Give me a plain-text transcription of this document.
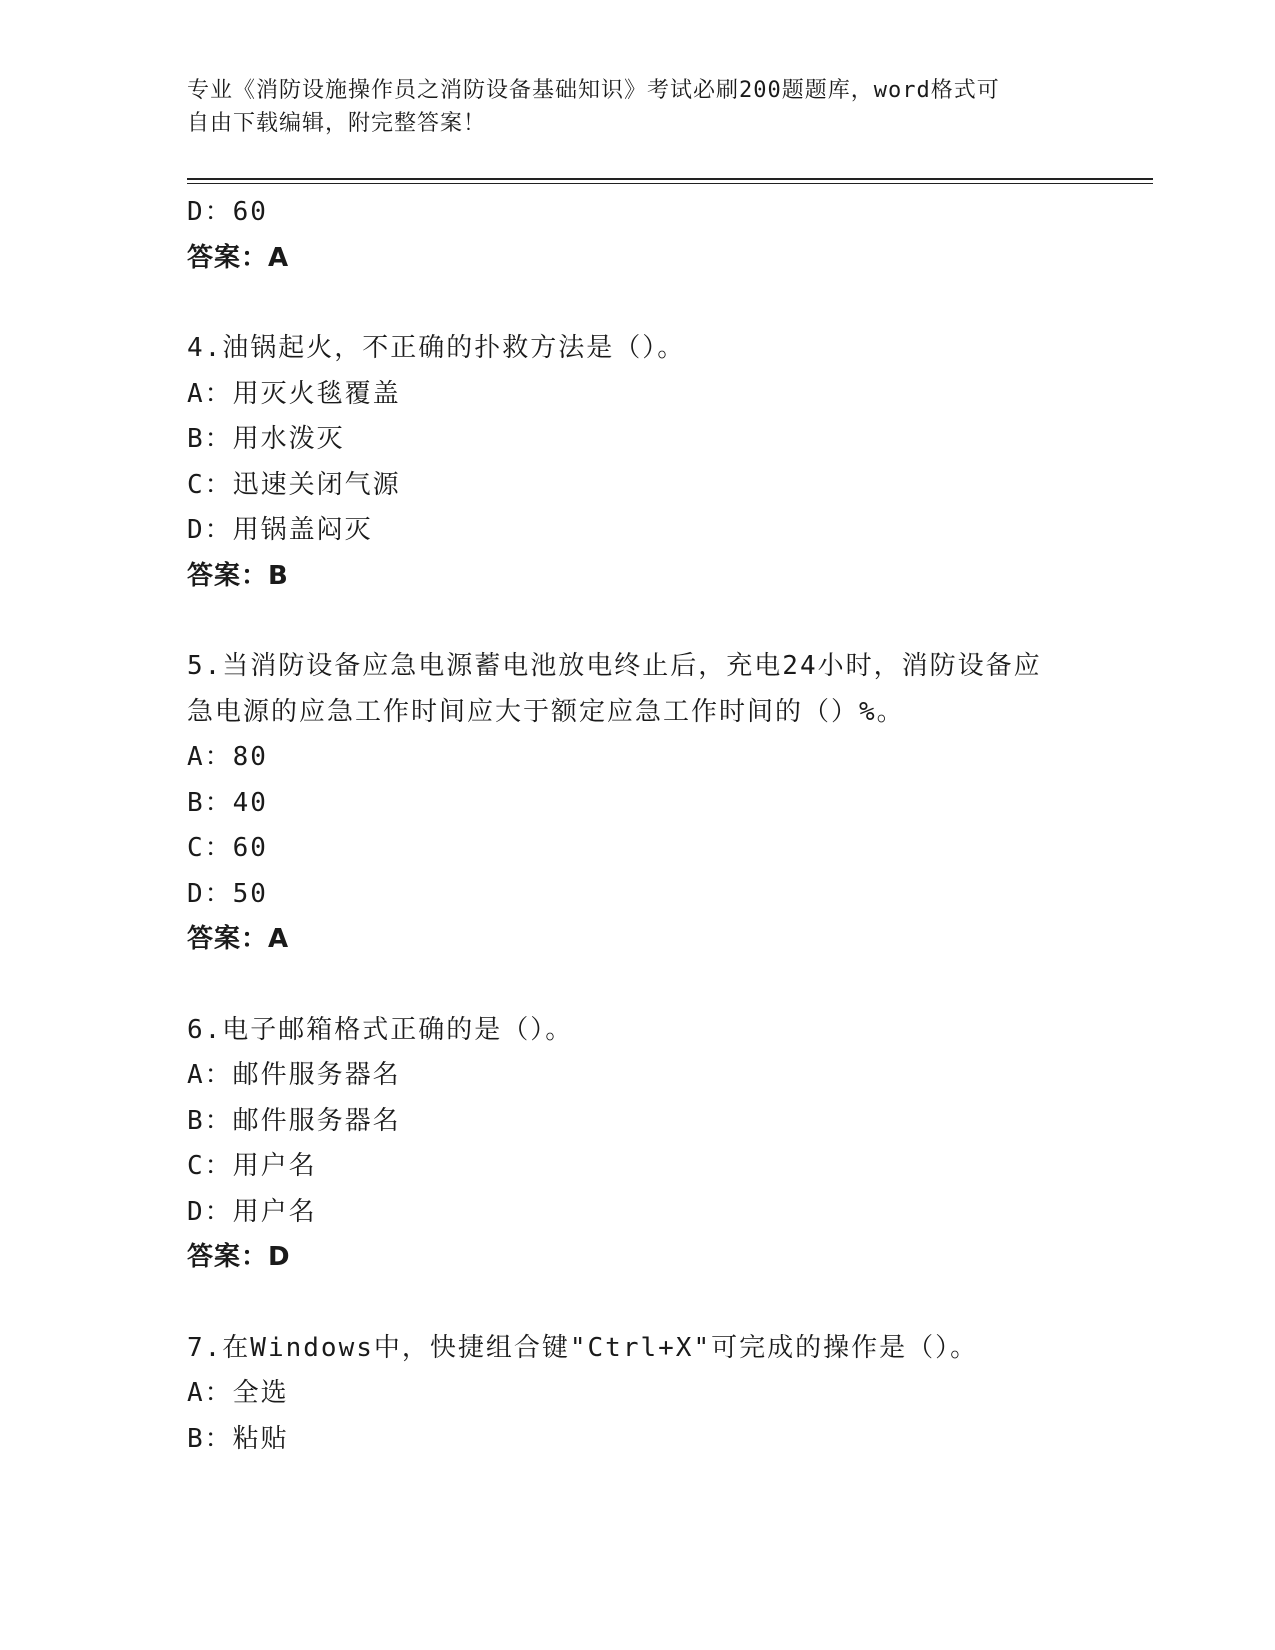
专业《消防设施操作员之消防设备基础知识》考试必刷200题题库，word格式可
自由下载编辑，附完整答案！
D：60
答案：A
4.油锅起火，不正确的扑救方法是（）。
A：用灭火毯覆盖
B：用水泼灭
C：迅速关闭气源
D：用锅盖闷灭
答案：B
5.当消防设备应急电源蓄电池放电终止后，充电24小时，消防设备应
急电源的应急工作时间应大于额定应急工作时间的（）%。
A：80
B：40
C：60
D：50
答案：A
6.电子邮箱格式正确的是（）。
A：邮件服务器名
B：邮件服务器名
C：用户名
D：用户名
答案：D
7.在Windows中，快捷组合键"Ctrl+X"可完成的操作是（）。
A：全选
B：粘贴
